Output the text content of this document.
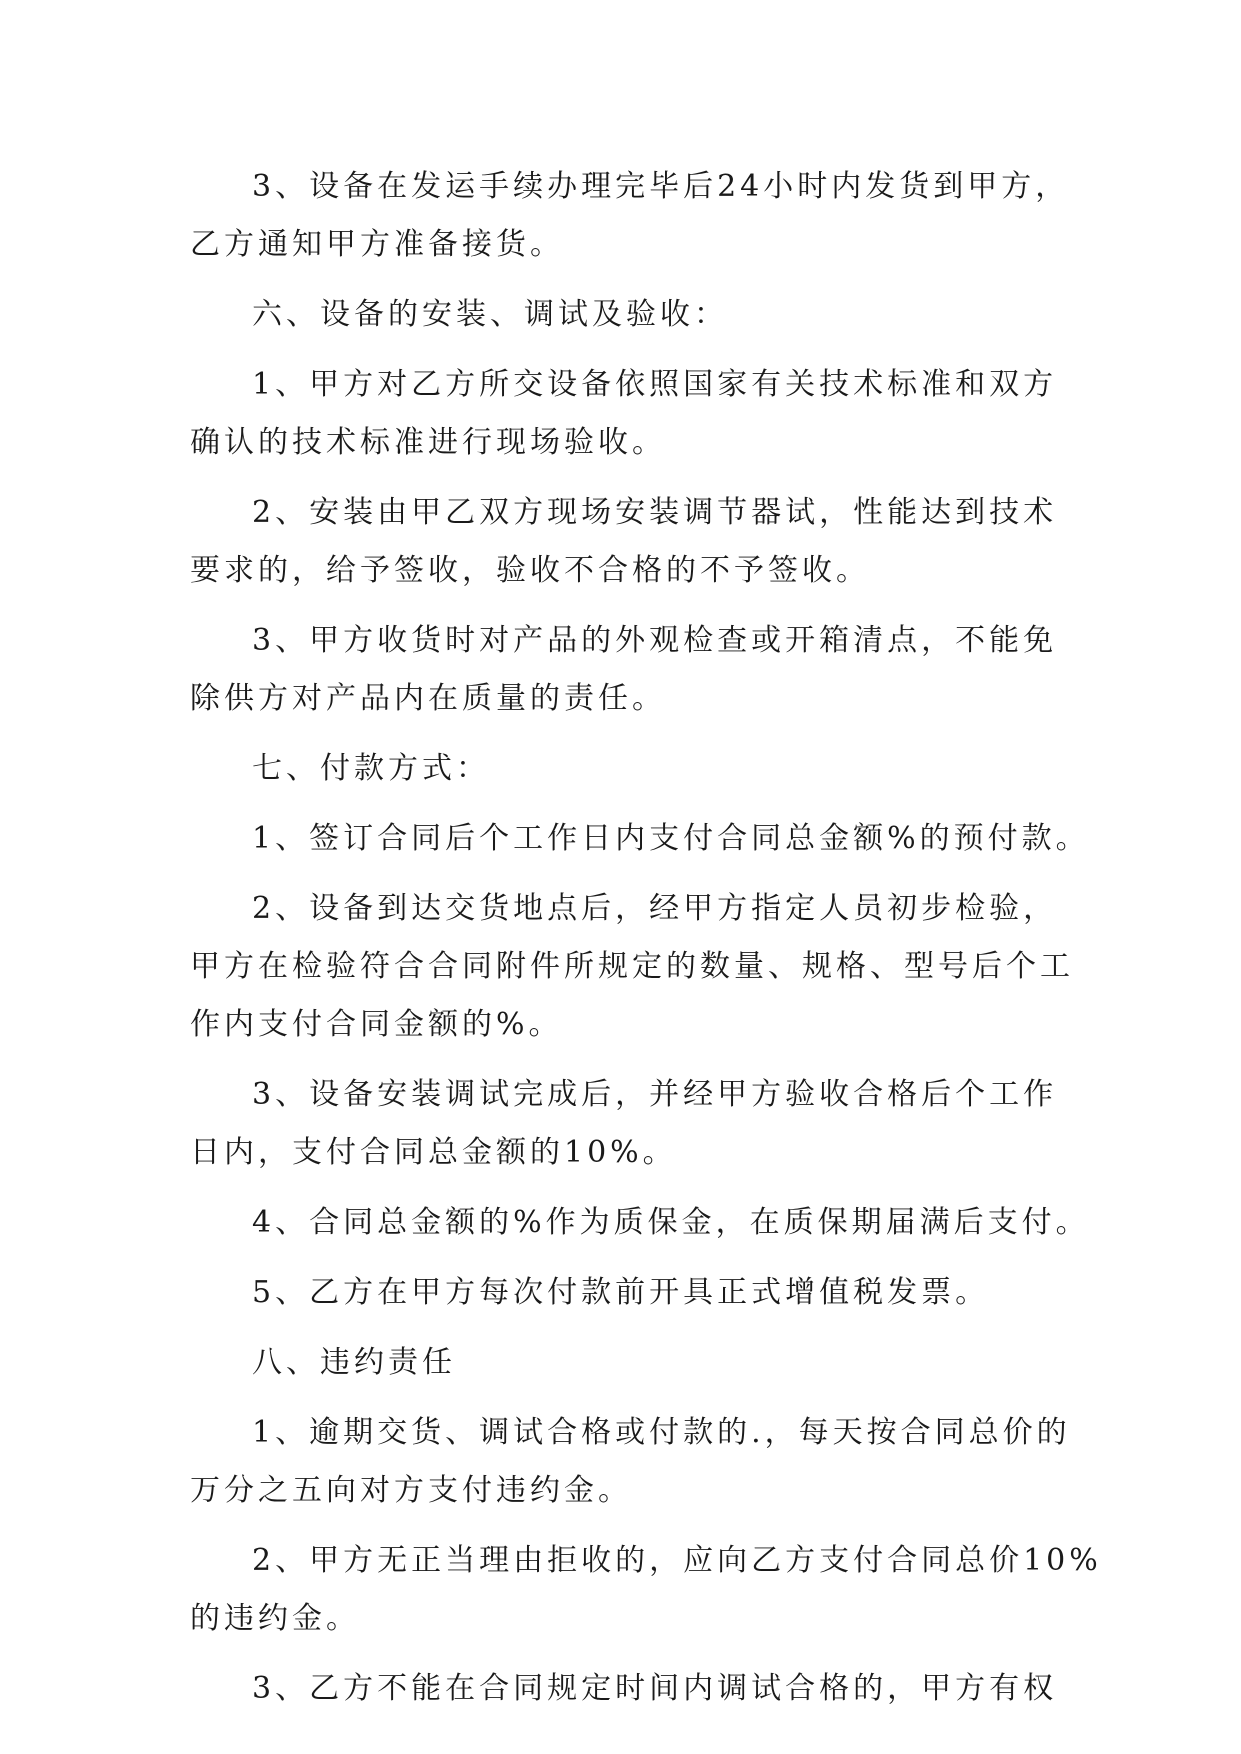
3、设备在发运手续办理完毕后24小时内发货到甲方，
乙方通知甲方准备接货。
六、设备的安装、调试及验收：
1、甲方对乙方所交设备依照国家有关技术标准和双方
确认的技术标准进行现场验收。
2、安装由甲乙双方现场安装调节器试，性能达到技术
要求的，给予签收，验收不合格的不予签收。
3、甲方收货时对产品的外观检查或开箱清点，不能免
除供方对产品内在质量的责任。
七、付款方式：
1、签订合同后个工作日内支付合同总金额%的预付款。
2、设备到达交货地点后，经甲方指定人员初步检验，
甲方在检验符合合同附件所规定的数量、规格、型号后个工
作内支付合同金额的%。
3、设备安装调试完成后，并经甲方验收合格后个工作
日内，支付合同总金额的10%。
4、合同总金额的%作为质保金，在质保期届满后支付。
5、乙方在甲方每次付款前开具正式增值税发票。
八、违约责任
1、逾期交货、调试合格或付款的.，每天按合同总价的
万分之五向对方支付违约金。
2、甲方无正当理由拒收的，应向乙方支付合同总价10%
的违约金。
3、乙方不能在合同规定时间内调试合格的，甲方有权
